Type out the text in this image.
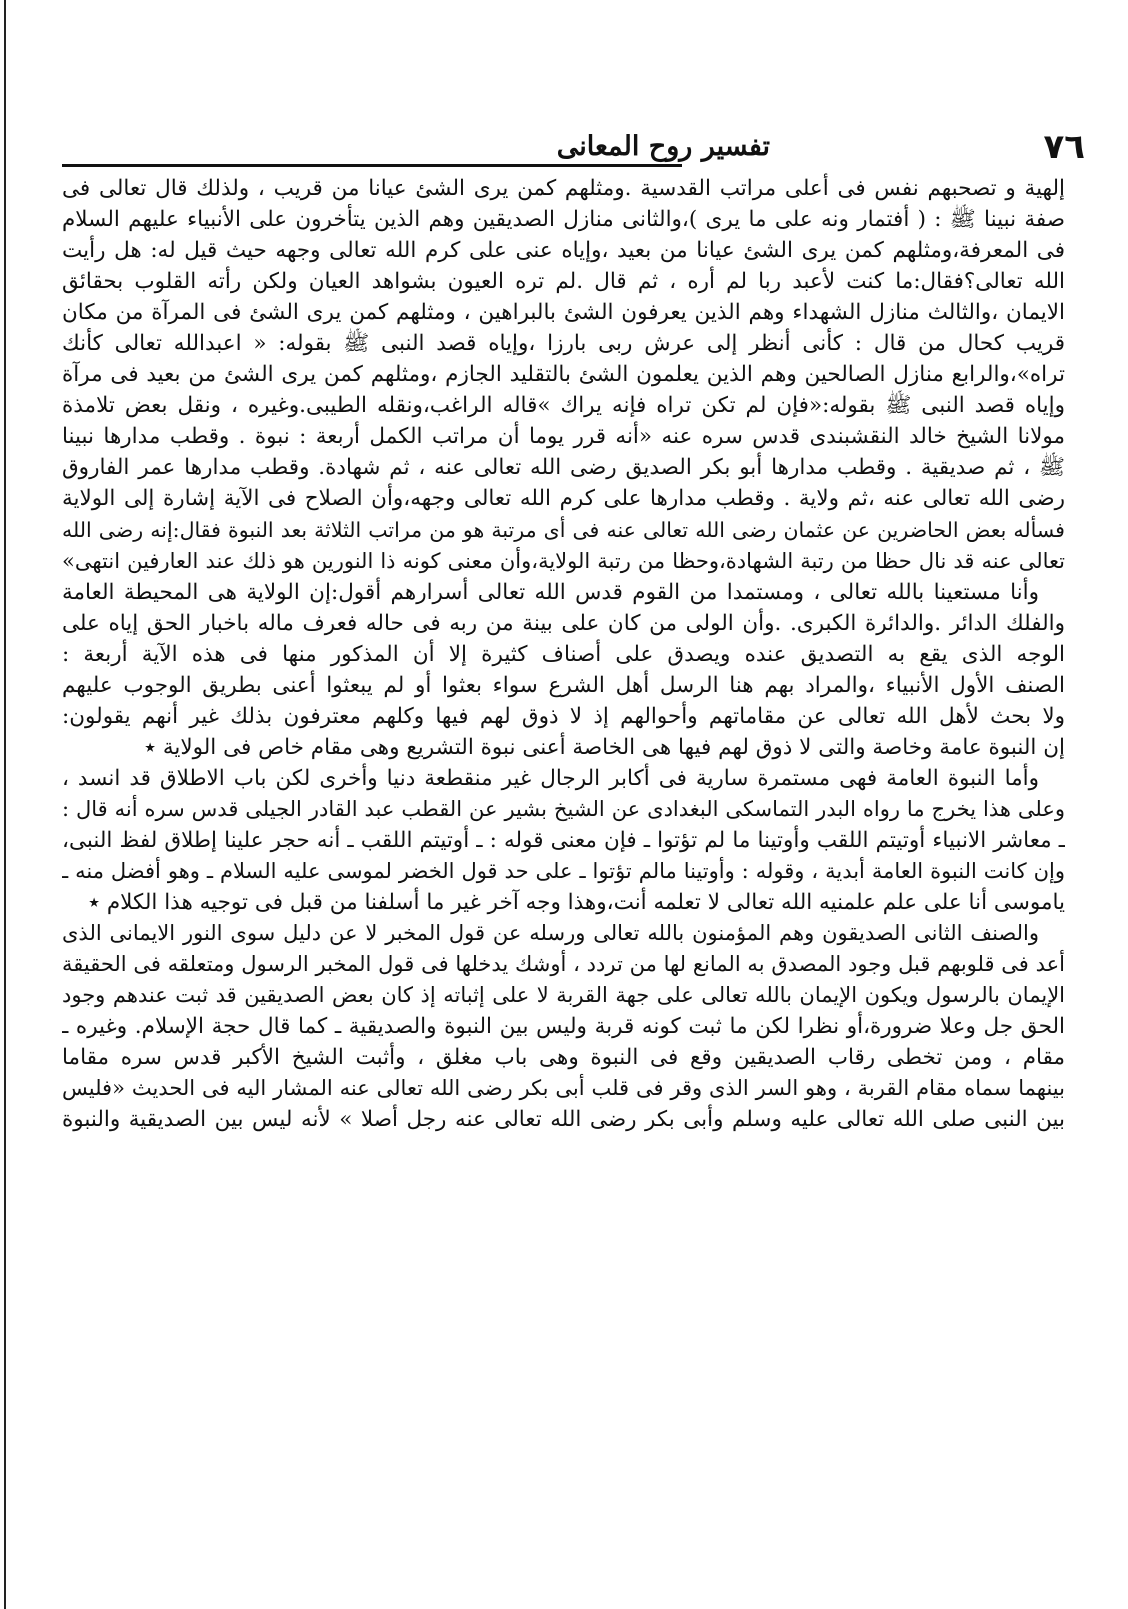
٧٦
تفسير روح المعانى
إلهية و تصحبهم نفس فى أعلى مراتب القدسية .ومثلهم كمن يرى الشئ عيانا من قريب ، ولذلك قال تعالى فى
صفة نبينا ﷺ : ( أفتمار ونه على ما يرى )،والثانى منازل الصديقين وهم الذين يتأخرون على الأنبياء عليهم السلام
فى المعرفة،ومثلهم كمن يرى الشئ عيانا من بعيد ،وإياه عنى على كرم الله تعالى وجهه حيث قيل له: هل رأيت
الله تعالى؟فقال:ما كنت لأعبد ربا لم أره ، ثم قال .لم تره العيون بشواهد العيان ولكن رأته القلوب بحقائق
الايمان ،والثالث منازل الشهداء وهم الذين يعرفون الشئ بالبراهين ، ومثلهم كمن يرى الشئ فى المرآة من مكان
قريب كحال من قال : كأنى أنظر إلى عرش ربى بارزا ،وإياه قصد النبى ﷺ بقوله: « اعبدالله تعالى كأنك
تراه»،والرابع منازل الصالحين وهم الذين يعلمون الشئ بالتقليد الجازم ،ومثلهم كمن يرى الشئ من بعيد فى مرآة
وإياه قصد النبى ﷺ بقوله:«فإن لم تكن تراه فإنه يراك »قاله الراغب،ونقله الطيبى.وغيره ، ونقل بعض تلامذة
مولانا الشيخ خالد النقشبندى قدس سره عنه «أنه قرر يوما أن مراتب الكمل أربعة : نبوة . وقطب مدارها نبينا
ﷺ ، ثم صديقية . وقطب مدارها أبو بكر الصديق رضى الله تعالى عنه ، ثم شهادة. وقطب مدارها عمر الفاروق
رضى الله تعالى عنه ،ثم ولاية . وقطب مدارها على كرم الله تعالى وجهه،وأن الصلاح فى الآية إشارة إلى الولاية
فسأله بعض الحاضرين عن عثمان رضى الله تعالى عنه فى أى مرتبة هو من مراتب الثلاثة بعد النبوة فقال:إنه رضى الله
تعالى عنه قد نال حظا من رتبة الشهادة،وحظا من رتبة الولاية،وأن معنى كونه ذا النورين هو ذلك عند العارفين انتهى»
وأنا مستعينا بالله تعالى ، ومستمدا من القوم قدس الله تعالى أسرارهم أقول:إن الولاية هى المحيطة العامة
والفلك الدائر .والدائرة الكبرى. .وأن الولى من كان على بينة من ربه فى حاله فعرف ماله باخبار الحق إياه على
الوجه الذى يقع به التصديق عنده ويصدق على أصناف كثيرة إلا أن المذكور منها فى هذه الآية أربعة :
الصنف الأول الأنبياء ،والمراد بهم هنا الرسل أهل الشرع سواء بعثوا أو لم يبعثوا أعنى بطريق الوجوب عليهم
ولا بحث لأهل الله تعالى عن مقاماتهم وأحوالهم إذ لا ذوق لهم فيها وكلهم معترفون بذلك غير أنهم يقولون:
إن النبوة عامة وخاصة والتى لا ذوق لهم فيها هى الخاصة أعنى نبوة التشريع وهى مقام خاص فى الولاية ٭
وأما النبوة العامة فهى مستمرة سارية فى أكابر الرجال غير منقطعة دنيا وأخرى لكن باب الاطلاق قد انسد ،
وعلى هذا يخرج ما رواه البدر التماسكى البغدادى عن الشيخ بشير عن القطب عبد القادر الجيلى قدس سره أنه قال :
ـ معاشر الانبياء أوتيتم اللقب وأوتينا ما لم تؤتوا ـ فإن معنى قوله : ـ أوتيتم اللقب ـ أنه حجر علينا إطلاق لفظ النبى،
وإن كانت النبوة العامة أبدية ، وقوله : وأوتينا مالم تؤتوا ـ على حد قول الخضر لموسى عليه السلام ـ وهو أفضل منه ـ
ياموسى أنا على علم علمنيه الله تعالى لا تعلمه أنت،وهذا وجه آخر غير ما أسلفنا من قبل فى توجيه هذا الكلام ٭
والصنف الثانى الصديقون وهم المؤمنون بالله تعالى ورسله عن قول المخبر لا عن دليل سوى النور الايمانى الذى
أعد فى قلوبهم قبل وجود المصدق به المانع لها من تردد ، أوشك يدخلها فى قول المخبر الرسول ومتعلقه فى الحقيقة
الإيمان بالرسول ويكون الإيمان بالله تعالى على جهة القربة لا على إثباته إذ كان بعض الصديقين قد ثبت عندهم وجود
الحق جل وعلا ضرورة،أو نظرا لكن ما ثبت كونه قربة وليس بين النبوة والصديقية ـ كما قال حجة الإسلام. وغيره ـ
مقام ، ومن تخطى رقاب الصديقين وقع فى النبوة وهى باب مغلق ، وأثبت الشيخ الأكبر قدس سره مقاما
بينهما سماه مقام القربة ، وهو السر الذى وقر فى قلب أبى بكر رضى الله تعالى عنه المشار اليه فى الحديث «فليس
بين النبى صلى الله تعالى عليه وسلم وأبى بكر رضى الله تعالى عنه رجل أصلا » لأنه ليس بين الصديقية والنبوة
